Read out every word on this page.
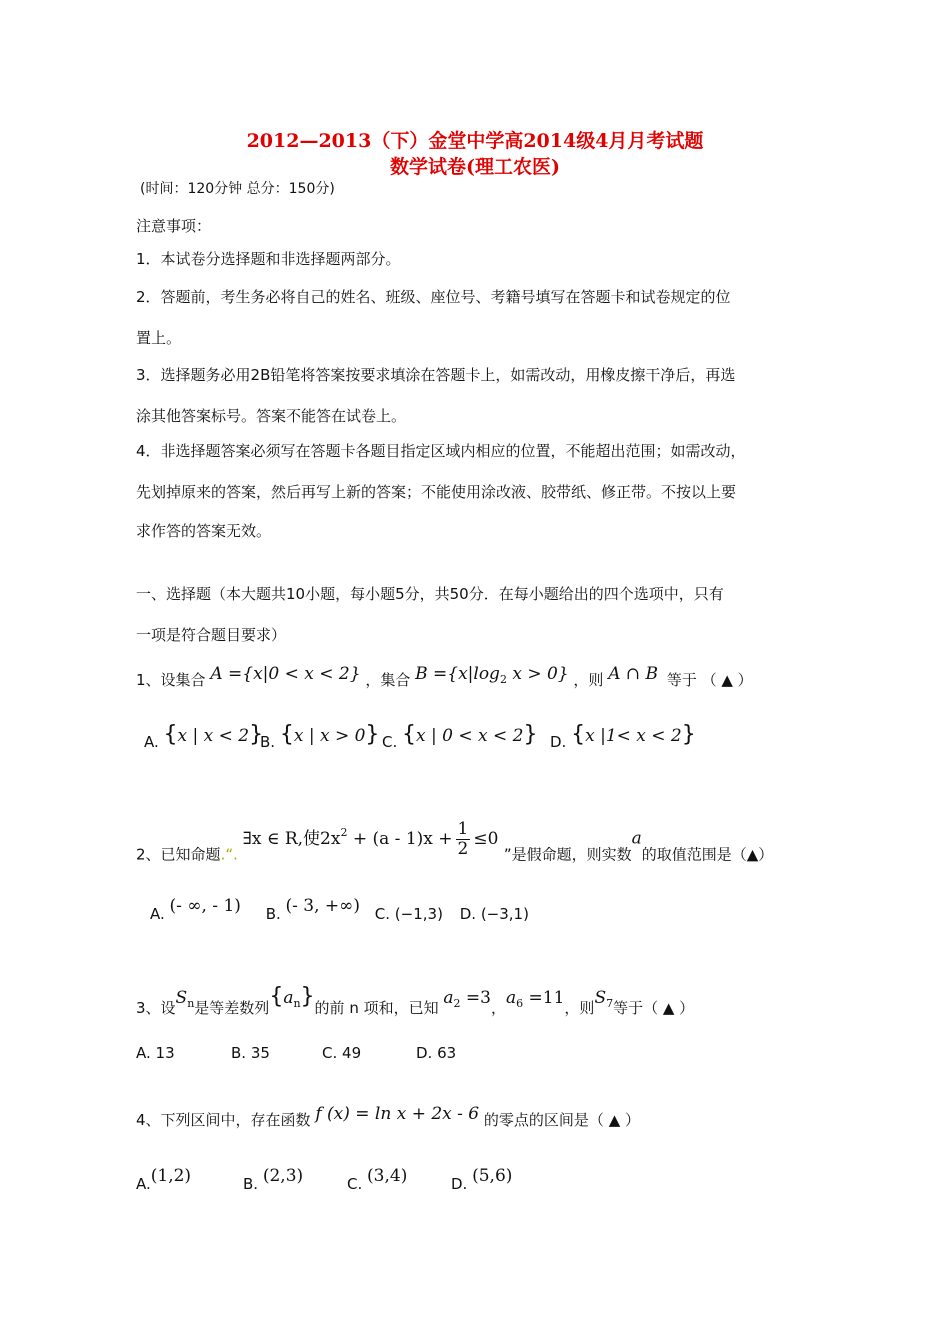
2012—2013（下）金堂中学高2014级4月月考试题
数学试卷(理工农医)
(时间：120分钟 总分：150分)
注意事项：
1．本试卷分选择题和非选择题两部分。
2．答题前，考生务必将自己的姓名、班级、座位号、考籍号填写在答题卡和试卷规定的位
置上。
3．选择题务必用2B铅笔将答案按要求填涂在答题卡上，如需改动，用橡皮擦干净后，再选
涂其他答案标号。答案不能答在试卷上。
4．非选择题答案必须写在答题卡各题目指定区域内相应的位置，不能超出范围；如需改动，
先划掉原来的答案，然后再写上新的答案；不能使用涂改液、胶带纸、修正带。不按以上要
求作答的答案无效。
一、选择题（本大题共10小题，每小题5分，共50分．在每小题给出的四个选项中，只有
一项是符合题目要求）
1、设集合 A ={x|0 < x < 2} ，集合 $B =\{x|\log_2$ x > 0} ，则 A ∩ B 等于 （ ▲ ）
A. {x | x < 2}
B. {x | x > 0} C. {x | 0 < x < 2} D. {x |1< x < 2}
2、已知命题.“. ∃x ∈ R,使$2x^2 + (a - 1)x + \frac{1}{2} \le 0$ ”是假命题，则实数a的取值范围是（▲）
A. (- ∞, - 1) B. (- 3, +∞) C. (−1,3) D. (−3,1)
3、设$S_n$是等差数列$\{a_n\}$的前 n 项和，已知 $a_2 =3$，$a_6 =11$，则$S_7$等于（ ▲ ）
A. 13	B. 35	C. 49	D. 63
4、下列区间中，存在函数 f (x) = ln x + 2x - 6 的零点的区间是（ ▲ ）
A.(1,2)	B. (2,3)	C. (3,4)	D. (5,6)
